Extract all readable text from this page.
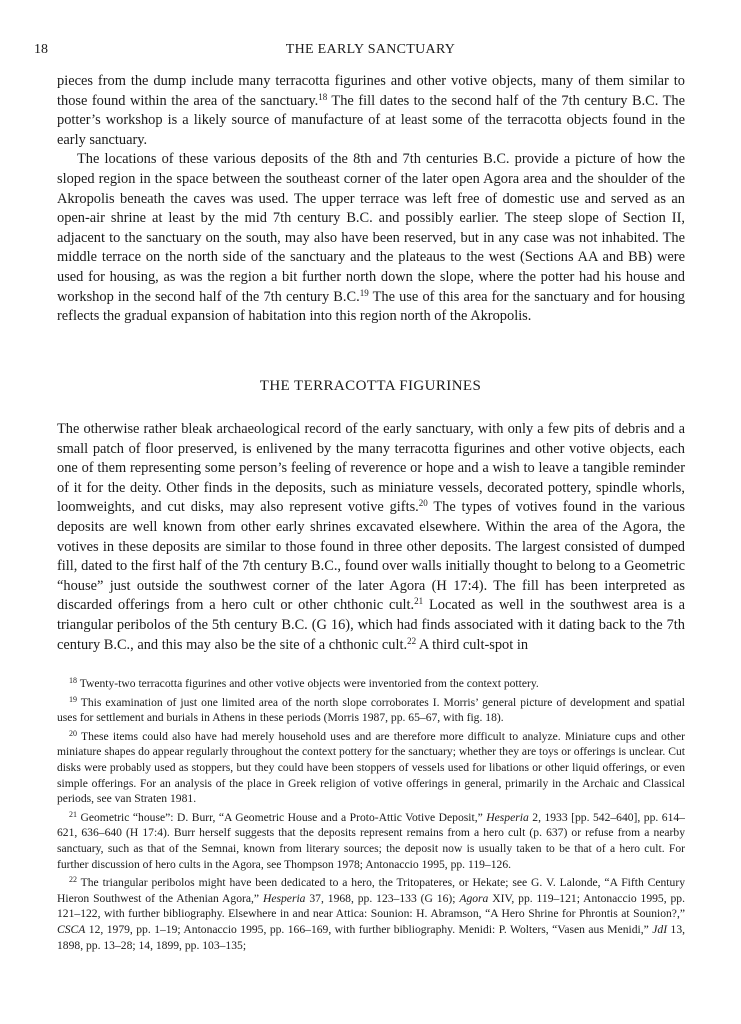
18	THE EARLY SANCTUARY

pieces from the dump include many terracotta figurines and other votive objects, many of them similar to those found within the area of the sanctuary.$^{18}$ The fill dates to the second half of the 7th century B.C. The potter’s workshop is a likely source of manufacture of at least some of the terracotta objects found in the early sanctuary.

The locations of these various deposits of the 8th and 7th centuries B.C. provide a picture of how the sloped region in the space between the southeast corner of the later open Agora area and the shoulder of the Akropolis beneath the caves was used. The upper terrace was left free of domestic use and served as an open-air shrine at least by the mid 7th century B.C. and possibly earlier. The steep slope of Section II, adjacent to the sanctuary on the south, may also have been reserved, but in any case was not inhabited. The middle terrace on the north side of the sanctuary and the plateaus to the west (Sections AA and BB) were used for housing, as was the region a bit further north down the slope, where the potter had his house and workshop in the second half of the 7th century B.C.$^{19}$ The use of this area for the sanctuary and for housing reflects the gradual expansion of habitation into this region north of the Akropolis.

THE TERRACOTTA FIGURINES

The otherwise rather bleak archaeological record of the early sanctuary, with only a few pits of debris and a small patch of floor preserved, is enlivened by the many terracotta figurines and other votive objects, each one of them representing some person’s feeling of reverence or hope and a wish to leave a tangible reminder of it for the deity. Other finds in the deposits, such as miniature vessels, decorated pottery, spindle whorls, loomweights, and cut disks, may also represent votive gifts.$^{20}$ The types of votives found in the various deposits are well known from other early shrines excavated elsewhere. Within the area of the Agora, the votives in these deposits are similar to those found in three other deposits. The largest consisted of dumped fill, dated to the first half of the 7th century B.C., found over walls initially thought to belong to a Geometric “house” just outside the southwest corner of the later Agora (H 17:4). The fill has been interpreted as discarded offerings from a hero cult or other chthonic cult.$^{21}$ Located as well in the southwest area is a triangular peribolos of the 5th century B.C. (G 16), which had finds associated with it dating back to the 7th century B.C., and this may also be the site of a chthonic cult.$^{22}$ A third cult-spot in

$^{18}$ Twenty-two terracotta figurines and other votive objects were inventoried from the context pottery.

$^{19}$ This examination of just one limited area of the north slope corroborates I. Morris’ general picture of development and spatial uses for settlement and burials in Athens in these periods (Morris 1987, pp. 65–67, with fig. 18).

$^{20}$ These items could also have had merely household uses and are therefore more difficult to analyze. Miniature cups and other miniature shapes do appear regularly throughout the context pottery for the sanctuary; whether they are toys or offerings is unclear. Cut disks were probably used as stoppers, but they could have been stoppers of vessels used for libations or other liquid offerings, or even simple offerings. For an analysis of the place in Greek religion of votive offerings in general, primarily in the Archaic and Classical periods, see van Straten 1981.

$^{21}$ Geometric “house”: D. Burr, “A Geometric House and a Proto-Attic Votive Deposit,” Hesperia 2, 1933 [pp. 542–640], pp. 614–621, 636–640 (H 17:4). Burr herself suggests that the deposits represent remains from a hero cult (p. 637) or refuse from a nearby sanctuary, such as that of the Semnai, known from literary sources; the deposit now is usually taken to be that of a hero cult. For further discussion of hero cults in the Agora, see Thompson 1978; Antonaccio 1995, pp. 119–126.

$^{22}$ The triangular peribolos might have been dedicated to a hero, the Tritopateres, or Hekate; see G. V. Lalonde, “A Fifth Century Hieron Southwest of the Athenian Agora,” Hesperia 37, 1968, pp. 123–133 (G 16); Agora XIV, pp. 119–121; Antonaccio 1995, pp. 121–122, with further bibliography. Elsewhere in and near Attica: Sounion: H. Abramson, “A Hero Shrine for Phrontis at Sounion?,” CSCA 12, 1979, pp. 1–19; Antonaccio 1995, pp. 166–169, with further bibliography. Menidi: P. Wolters, “Vasen aus Menidi,” JdI 13, 1898, pp. 13–28; 14, 1899, pp. 103–135;
